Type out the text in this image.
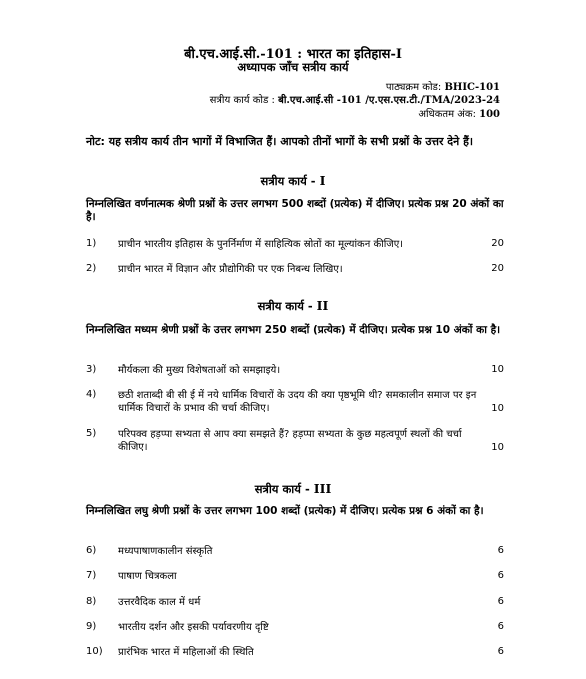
बी.एच.आई.सी.-101 : भारत का इतिहास-I
अध्यापक जाँच सत्रीय कार्य
पाठ्यक्रम कोड: BHIC-101
सत्रीय कार्य कोड : बी.एच.आई.सी -101 /ए.एस.एस.टी./TMA/2023-24
अधिकतम अंक: 100
नोट: यह सत्रीय कार्य तीन भागों में विभाजित हैं। आपको तीनों भागों के सभी प्रश्नों के उत्तर देने हैं।
सत्रीय कार्य - I
निम्नलिखित वर्णनात्मक श्रेणी प्रश्नों के उत्तर लगभग 500 शब्दों (प्रत्येक) में दीजिए। प्रत्येक प्रश्न 20 अंकों का है।
1) प्राचीन भारतीय इतिहास के पुनर्निर्माण में साहित्यिक स्रोतों का मूल्यांकन कीजिए।	20
2) प्राचीन भारत में विज्ञान और प्रौद्योगिकी पर एक निबन्ध लिखिए।	20
सत्रीय कार्य - II
निम्नलिखित मध्यम श्रेणी प्रश्नों के उत्तर लगभग 250 शब्दों (प्रत्येक) में दीजिए। प्रत्येक प्रश्न 10 अंकों का है।
3) मौर्यकला की मुख्य विशेषताओं को समझाइये।	10
4) छठी शताब्दी बी सी ई में नये धार्मिक विचारों के उदय की क्या पृष्ठभूमि थी? समकालीन समाज पर इन धार्मिक विचारों के प्रभाव की चर्चा कीजिए।	10
5) परिपक्व हड़प्पा सभ्यता से आप क्या समझते हैं? हड़प्पा सभ्यता के कुछ महत्वपूर्ण स्थलों की चर्चा कीजिए।	10
सत्रीय कार्य - III
निम्नलिखित लघु श्रेणी प्रश्नों के उत्तर लगभग 100 शब्दों (प्रत्येक) में दीजिए। प्रत्येक प्रश्न 6 अंकों का है।
6) मध्यपाषाणकालीन संस्कृति	6
7) पाषाण चित्रकला	6
8) उत्तरवैदिक काल में धर्म	6
9) भारतीय दर्शन और इसकी पर्यावरणीय दृष्टि	6
10) प्रारंभिक भारत में महिलाओं की स्थिति	6
